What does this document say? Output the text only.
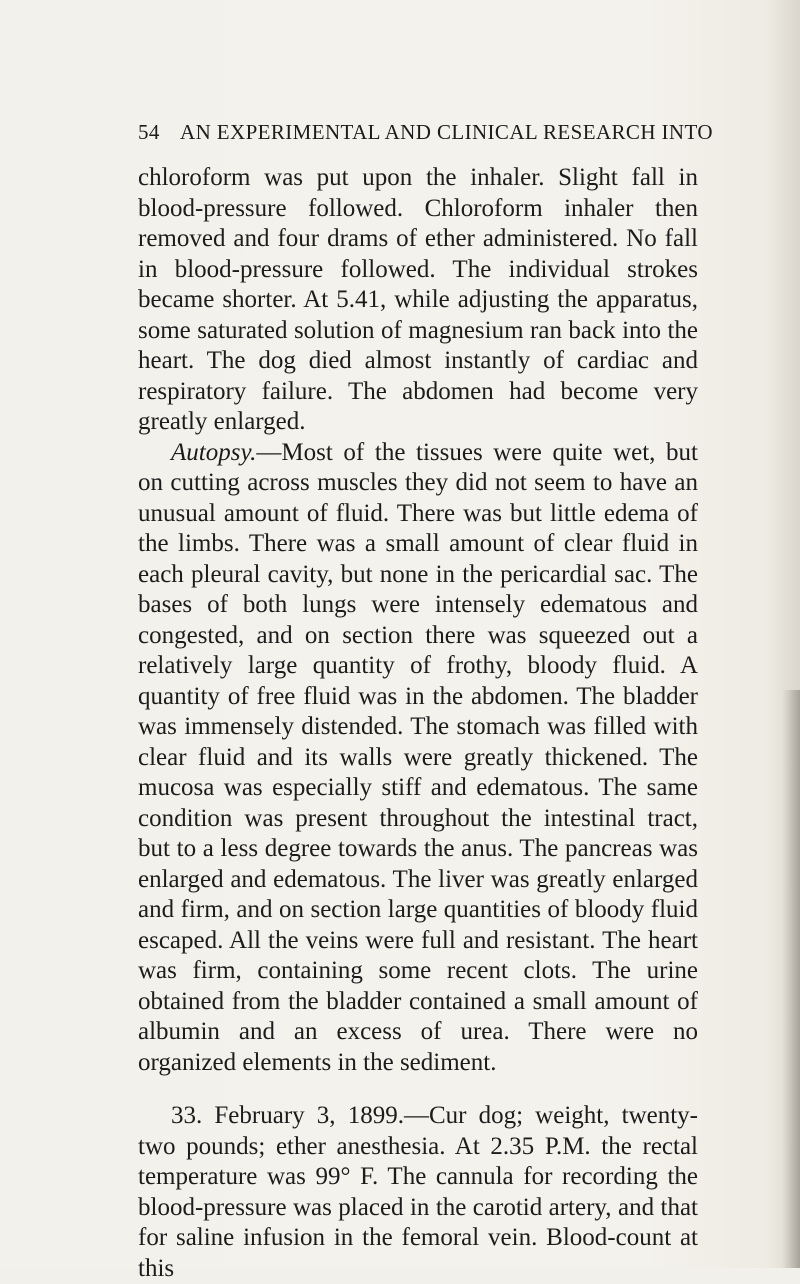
54 AN EXPERIMENTAL AND CLINICAL RESEARCH INTO

chloroform was put upon the inhaler. Slight fall in blood-pressure followed. Chloroform inhaler then removed and four drams of ether administered. No fall in blood-pressure followed. The individual strokes became shorter. At 5.41, while adjusting the apparatus, some saturated solution of magnesium ran back into the heart. The dog died almost instantly of cardiac and respiratory failure. The abdomen had become very greatly enlarged.

Autopsy.—Most of the tissues were quite wet, but on cutting across muscles they did not seem to have an unusual amount of fluid. There was but little edema of the limbs. There was a small amount of clear fluid in each pleural cavity, but none in the pericardial sac. The bases of both lungs were intensely edematous and congested, and on section there was squeezed out a relatively large quantity of frothy, bloody fluid. A quantity of free fluid was in the abdomen. The bladder was immensely distended. The stomach was filled with clear fluid and its walls were greatly thickened. The mucosa was especially stiff and edematous. The same condition was present throughout the intestinal tract, but to a less degree towards the anus. The pancreas was enlarged and edematous. The liver was greatly enlarged and firm, and on section large quantities of bloody fluid escaped. All the veins were full and resistant. The heart was firm, containing some recent clots. The urine obtained from the bladder contained a small amount of albumin and an excess of urea. There were no organized elements in the sediment.

33. February 3, 1899.—Cur dog; weight, twenty-two pounds; ether anesthesia. At 2.35 P.M. the rectal temperature was 99° F. The cannula for recording the blood-pressure was placed in the carotid artery, and that for saline infusion in the femoral vein. Blood-count at this
